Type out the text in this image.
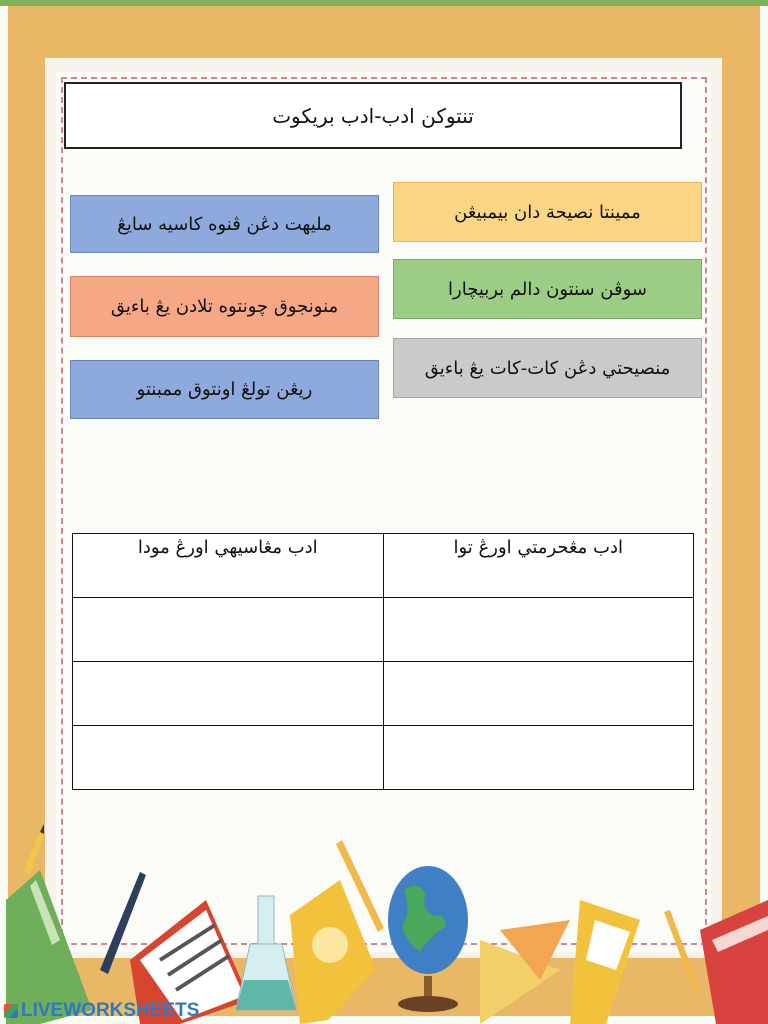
تنتوكن ادب-ادب بريكوت
ممينتا نصيحة دان بيمبيڠن
سوڤن سنتون دالم بربيچارا
منصيحتي دڠن كات-كات يڠ باءيق
مليهت دڠن ڤنوه كاسيه سايڠ
منونجوق چونتوه تلادن يڠ باءيق
ريڠن تولڠ اونتوق ممبنتو
ادب مڠاسيهي اورڠ مودا	ادب مڠحرمتي اورڠ توا

LIVEWORKSHEETS
